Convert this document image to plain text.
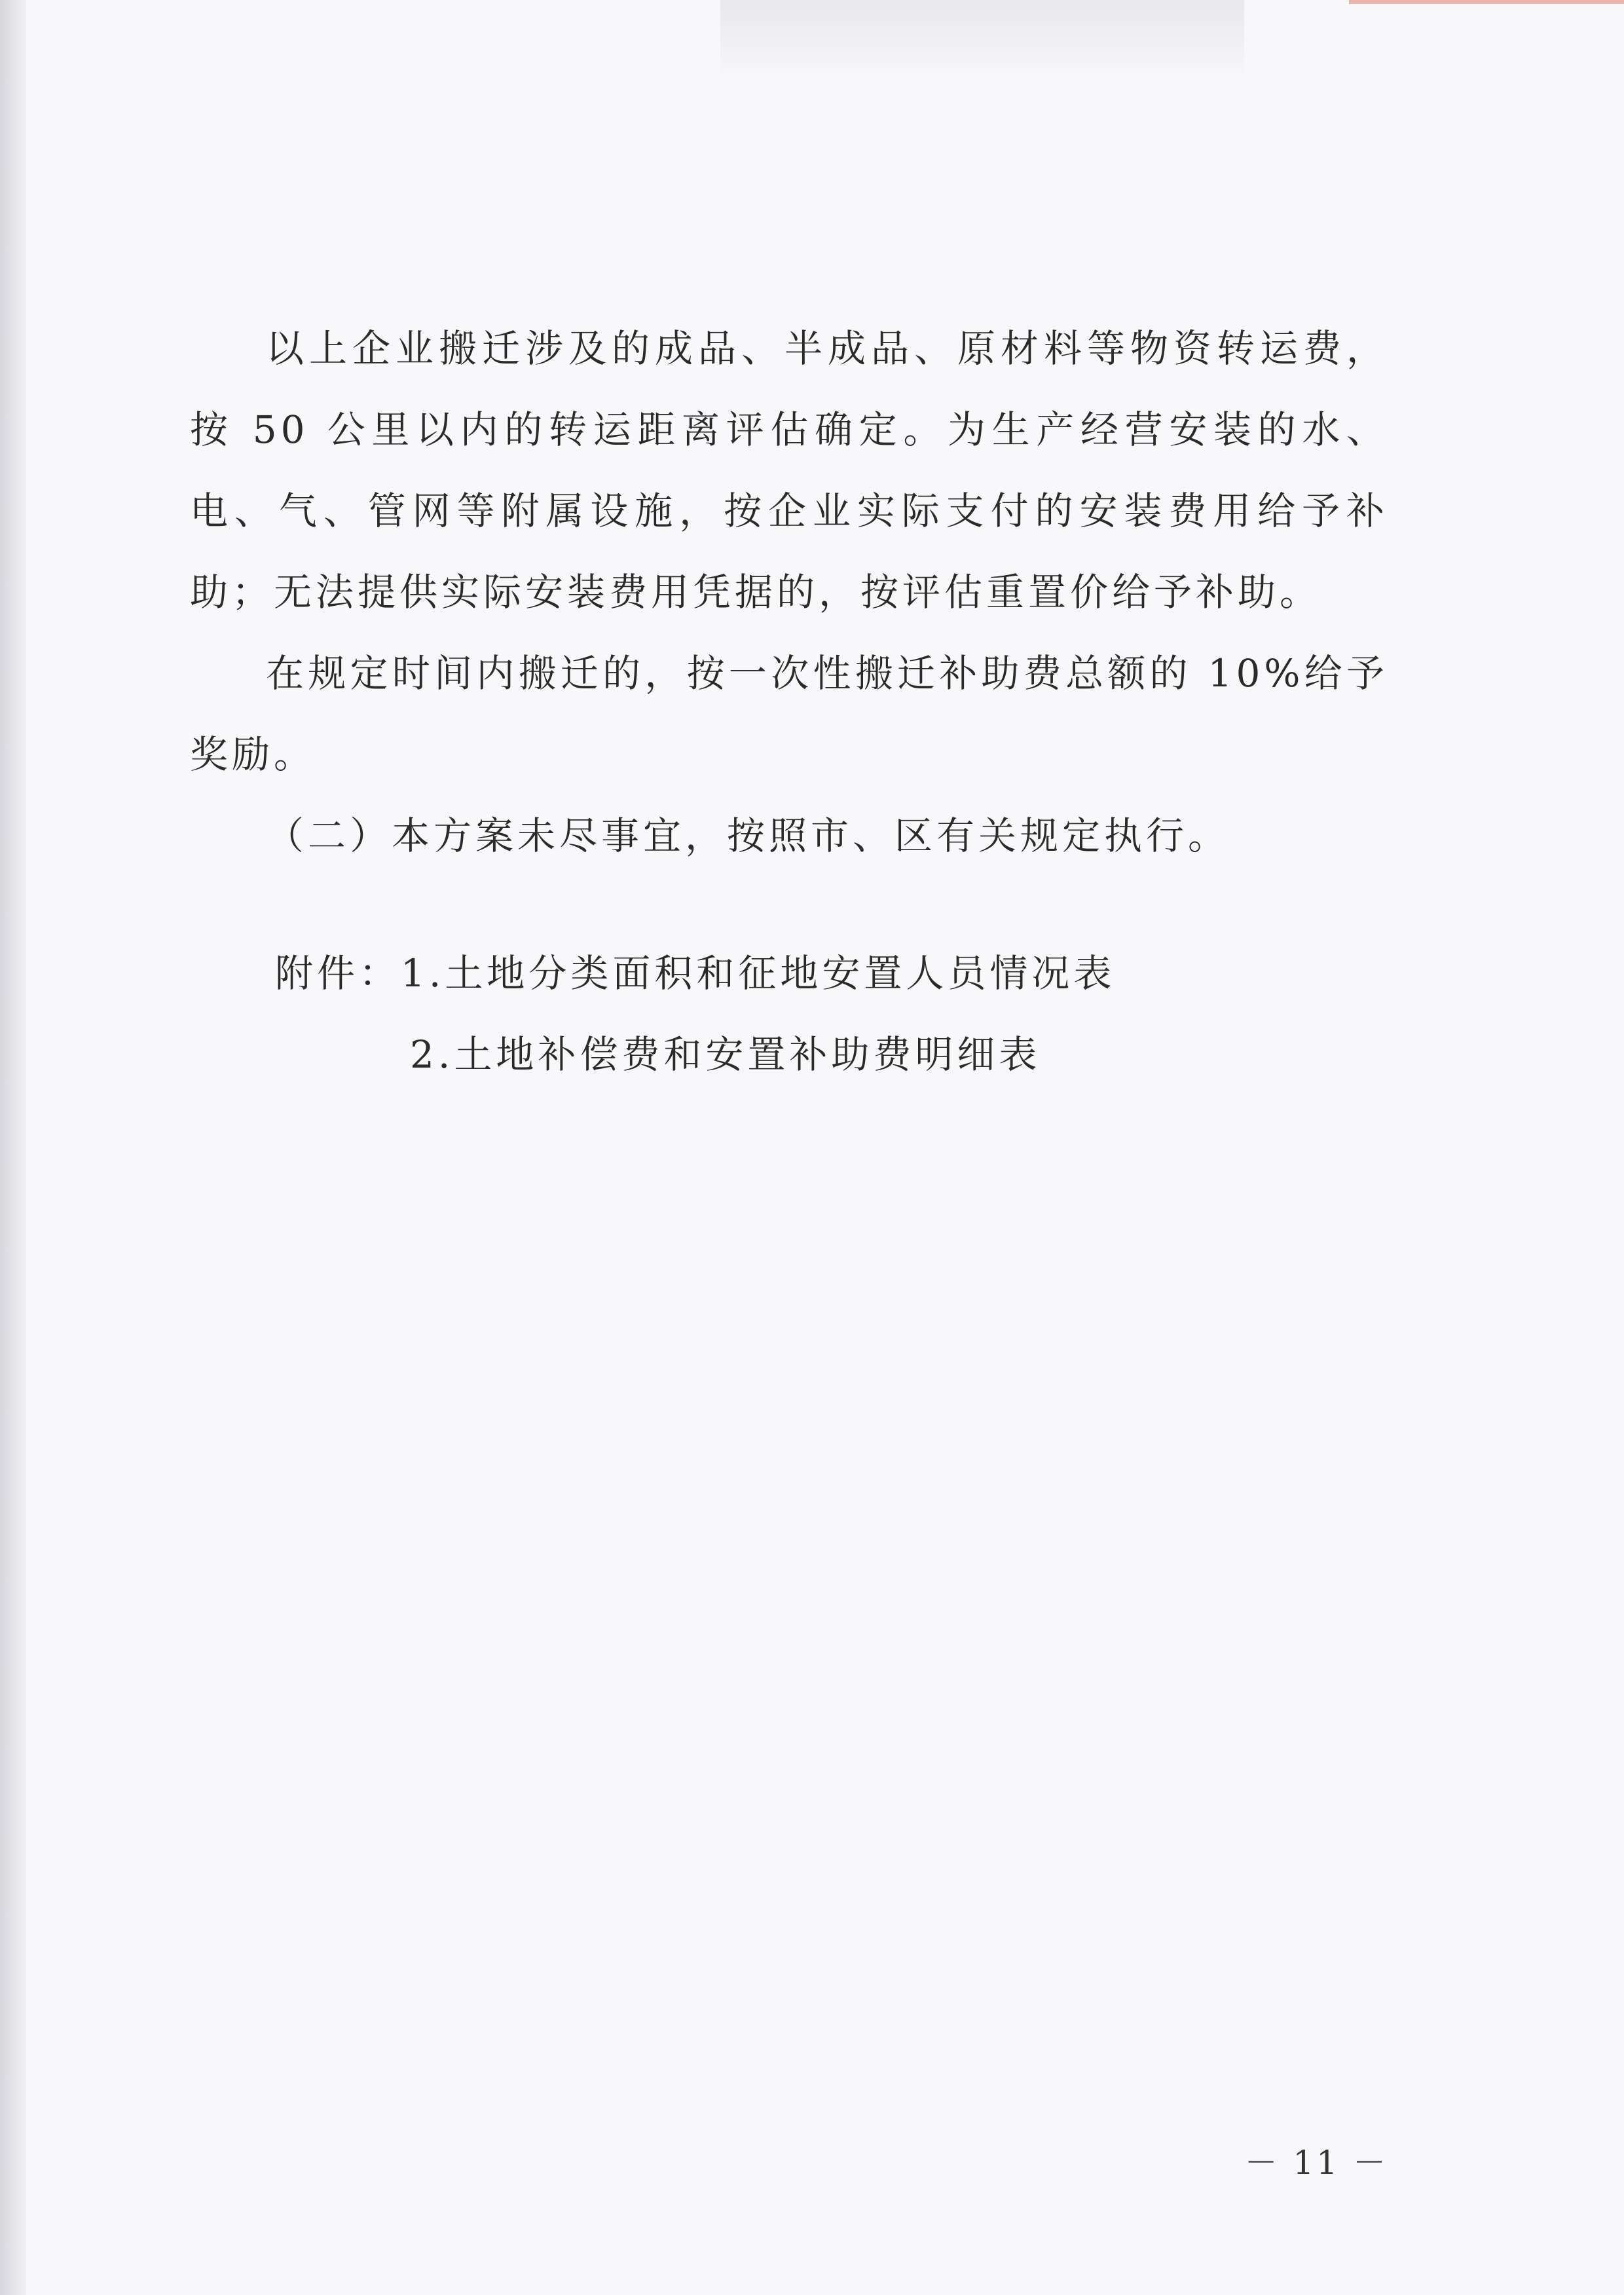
以上企业搬迁涉及的成品、半成品、原材料等物资转运费，按 50 公里以内的转运距离评估确定。为生产经营安装的水、电、气、管网等附属设施，按企业实际支付的安装费用给予补助；无法提供实际安装费用凭据的，按评估重置价给予补助。

在规定时间内搬迁的，按一次性搬迁补助费总额的 10%给予奖励。

（二）本方案未尽事宜，按照市、区有关规定执行。

附件：1.土地分类面积和征地安置人员情况表
2.土地补偿费和安置补助费明细表
－ 11 －
